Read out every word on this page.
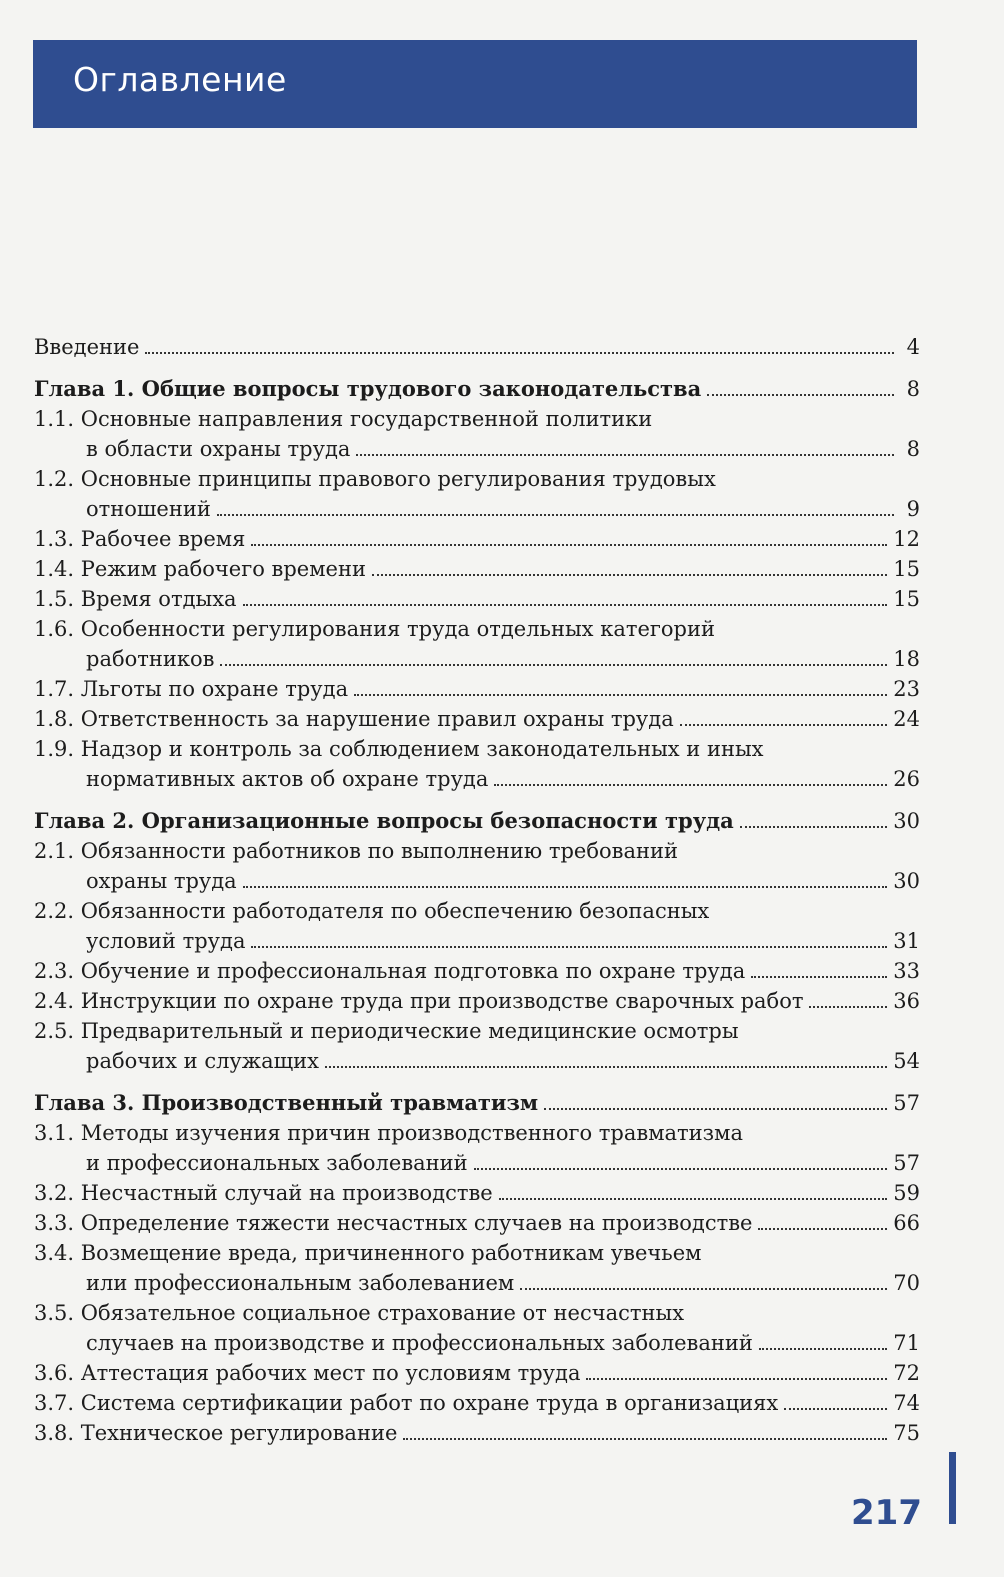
Оглавление
Введение	4
Глава 1. Общие вопросы трудового законодательства	8
1.1. Основные направления государственной политики
в области охраны труда	8
1.2. Основные принципы правового регулирования трудовых
отношений	9
1.3. Рабочее время	12
1.4. Режим рабочего времени	15
1.5. Время отдыха	15
1.6. Особенности регулирования труда отдельных категорий
работников	18
1.7. Льготы по охране труда	23
1.8. Ответственность за нарушение правил охраны труда	24
1.9. Надзор и контроль за соблюдением законодательных и иных
нормативных актов об охране труда	26
Глава 2. Организационные вопросы безопасности труда	30
2.1. Обязанности работников по выполнению требований
охраны труда	30
2.2. Обязанности работодателя по обеспечению безопасных
условий труда	31
2.3. Обучение и профессиональная подготовка по охране труда	33
2.4. Инструкции по охране труда при производстве сварочных работ	36
2.5. Предварительный и периодические медицинские осмотры
рабочих и служащих	54
Глава 3. Производственный травматизм	57
3.1. Методы изучения причин производственного травматизма
и профессиональных заболеваний	57
3.2. Несчастный случай на производстве	59
3.3. Определение тяжести несчастных случаев на производстве	66
3.4. Возмещение вреда, причиненного работникам увечьем
или профессиональным заболеванием	70
3.5. Обязательное социальное страхование от несчастных
случаев на производстве и профессиональных заболеваний	71
3.6. Аттестация рабочих мест по условиям труда	72
3.7. Система сертификации работ по охране труда в организациях	74
3.8. Техническое регулирование	75
217
